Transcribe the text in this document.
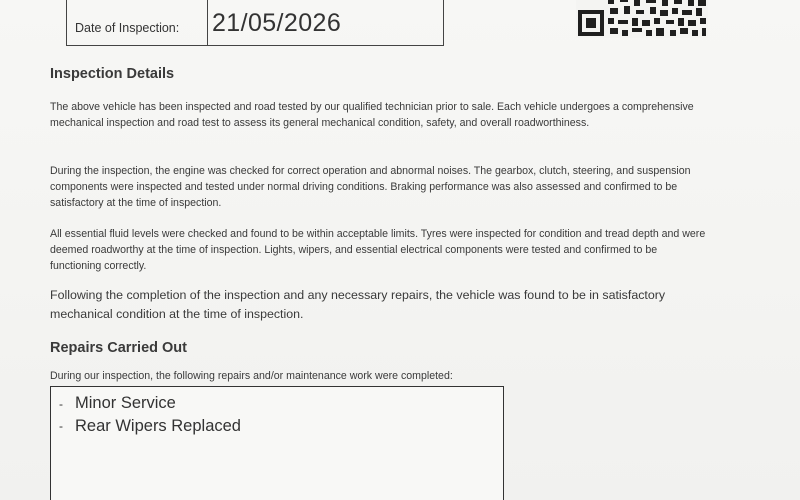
Date of Inspection: 21/05/2026
Inspection Details

The above vehicle has been inspected and road tested by our qualified technician prior to sale. Each vehicle undergoes a comprehensive mechanical inspection and road test to assess its general mechanical condition, safety, and overall roadworthiness.

During the inspection, the engine was checked for correct operation and abnormal noises. The gearbox, clutch, steering, and suspension components were inspected and tested under normal driving conditions. Braking performance was also assessed and confirmed to be satisfactory at the time of inspection.

All essential fluid levels were checked and found to be within acceptable limits. Tyres were inspected for condition and tread depth and were deemed roadworthy at the time of inspection. Lights, wipers, and essential electrical components were tested and confirmed to be functioning correctly.

Following the completion of the inspection and any necessary repairs, the vehicle was found to be in satisfactory mechanical condition at the time of inspection.

Repairs Carried Out

During our inspection, the following repairs and/or maintenance work were completed:

- Minor Service
- Rear Wipers Replaced
